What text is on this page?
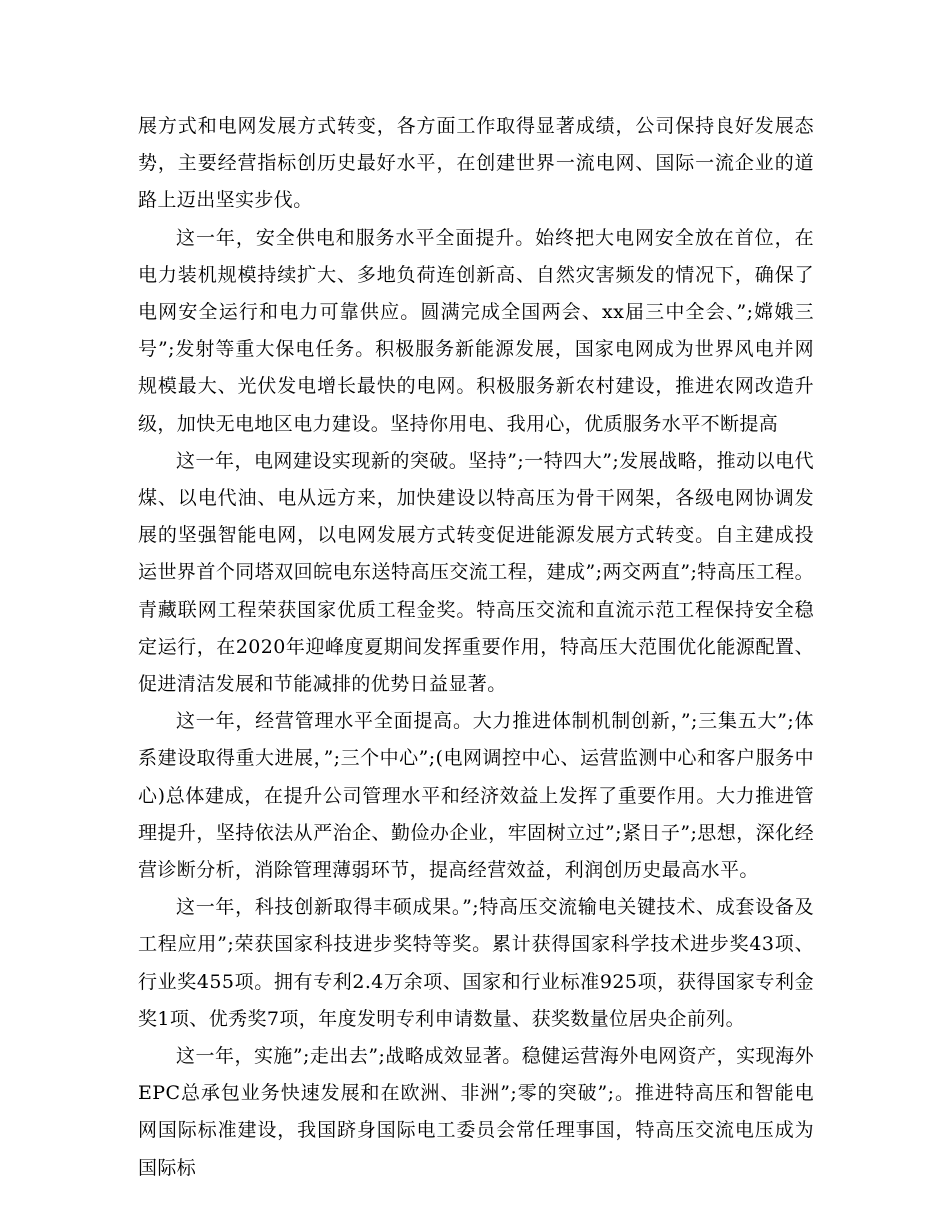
展方式和电网发展方式转变，各方面工作取得显著成绩，公司保持良好发展态势，主要经营指标创历史最好水平，在创建世界一流电网、国际一流企业的道路上迈出坚实步伐。

这一年，安全供电和服务水平全面提升。始终把大电网安全放在首位，在电力装机规模持续扩大、多地负荷连创新高、自然灾害频发的情况下，确保了电网安全运行和电力可靠供应。圆满完成全国两会、xx届三中全会、”;嫦娥三号”;发射等重大保电任务。积极服务新能源发展，国家电网成为世界风电并网规模最大、光伏发电增长最快的电网。积极服务新农村建设，推进农网改造升级，加快无电地区电力建设。坚持你用电、我用心，优质服务水平不断提高

这一年，电网建设实现新的突破。坚持”;一特四大”;发展战略，推动以电代煤、以电代油、电从远方来，加快建设以特高压为骨干网架，各级电网协调发展的坚强智能电网，以电网发展方式转变促进能源发展方式转变。自主建成投运世界首个同塔双回皖电东送特高压交流工程，建成”;两交两直”;特高压工程。青藏联网工程荣获国家优质工程金奖。特高压交流和直流示范工程保持安全稳定运行，在2020年迎峰度夏期间发挥重要作用，特高压大范围优化能源配置、促进清洁发展和节能减排的优势日益显著。

这一年，经营管理水平全面提高。大力推进体制机制创新，”;三集五大”;体系建设取得重大进展，”;三个中心”;(电网调控中心、运营监测中心和客户服务中心)总体建成，在提升公司管理水平和经济效益上发挥了重要作用。大力推进管理提升，坚持依法从严治企、勤俭办企业，牢固树立过”;紧日子”;思想，深化经营诊断分析，消除管理薄弱环节，提高经营效益，利润创历史最高水平。

这一年，科技创新取得丰硕成果。”;特高压交流输电关键技术、成套设备及工程应用”;荣获国家科技进步奖特等奖。累计获得国家科学技术进步奖43项、行业奖455项。拥有专利2.4万余项、国家和行业标准925项，获得国家专利金奖1项、优秀奖7项，年度发明专利申请数量、获奖数量位居央企前列。

这一年，实施”;走出去”;战略成效显著。稳健运营海外电网资产，实现海外EPC总承包业务快速发展和在欧洲、非洲”;零的突破”;。推进特高压和智能电网国际标准建设，我国跻身国际电工委员会常任理事国，特高压交流电压成为国际标
